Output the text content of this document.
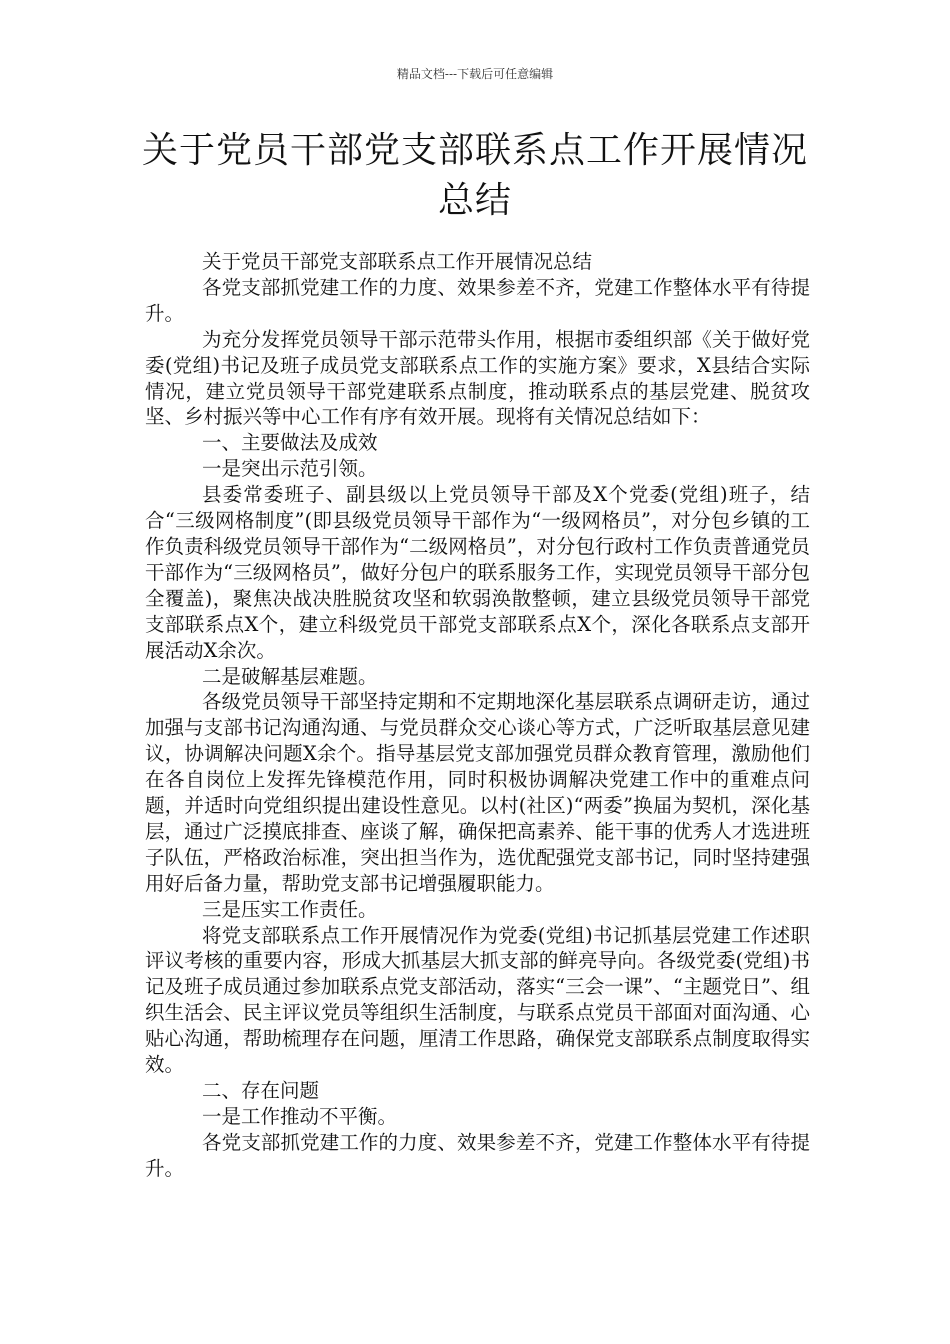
精品文档---下载后可任意编辑
关于党员干部党支部联系点工作开展情况总结

关于党员干部党支部联系点工作开展情况总结

各党支部抓党建工作的力度、效果参差不齐，党建工作整体水平有待提升。

为充分发挥党员领导干部示范带头作用，根据市委组织部《关于做好党委(党组)书记及班子成员党支部联系点工作的实施方案》要求，X县结合实际情况，建立党员领导干部党建联系点制度，推动联系点的基层党建、脱贫攻坚、乡村振兴等中心工作有序有效开展。现将有关情况总结如下：

一、主要做法及成效

一是突出示范引领。

县委常委班子、副县级以上党员领导干部及X个党委(党组)班子，结合“三级网格制度”(即县级党员领导干部作为“一级网格员”，对分包乡镇的工作负责科级党员领导干部作为“二级网格员”，对分包行政村工作负责普通党员干部作为“三级网格员”，做好分包户的联系服务工作，实现党员领导干部分包全覆盖)，聚焦决战决胜脱贫攻坚和软弱涣散整顿，建立县级党员领导干部党支部联系点X个，建立科级党员干部党支部联系点X个，深化各联系点支部开展活动X余次。

二是破解基层难题。

各级党员领导干部坚持定期和不定期地深化基层联系点调研走访，通过加强与支部书记沟通沟通、与党员群众交心谈心等方式，广泛听取基层意见建议，协调解决问题X余个。指导基层党支部加强党员群众教育管理，激励他们在各自岗位上发挥先锋模范作用，同时积极协调解决党建工作中的重难点问题，并适时向党组织提出建设性意见。以村(社区)“两委”换届为契机，深化基层，通过广泛摸底排查、座谈了解，确保把高素养、能干事的优秀人才选进班子队伍，严格政治标准，突出担当作为，选优配强党支部书记，同时坚持建强用好后备力量，帮助党支部书记增强履职能力。

三是压实工作责任。

将党支部联系点工作开展情况作为党委(党组)书记抓基层党建工作述职评议考核的重要内容，形成大抓基层大抓支部的鲜亮导向。各级党委(党组)书记及班子成员通过参加联系点党支部活动，落实“三会一课”、“主题党日”、组织生活会、民主评议党员等组织生活制度，与联系点党员干部面对面沟通、心贴心沟通，帮助梳理存在问题，厘清工作思路，确保党支部联系点制度取得实效。

二、存在问题

一是工作推动不平衡。

各党支部抓党建工作的力度、效果参差不齐，党建工作整体水平有待提升。
